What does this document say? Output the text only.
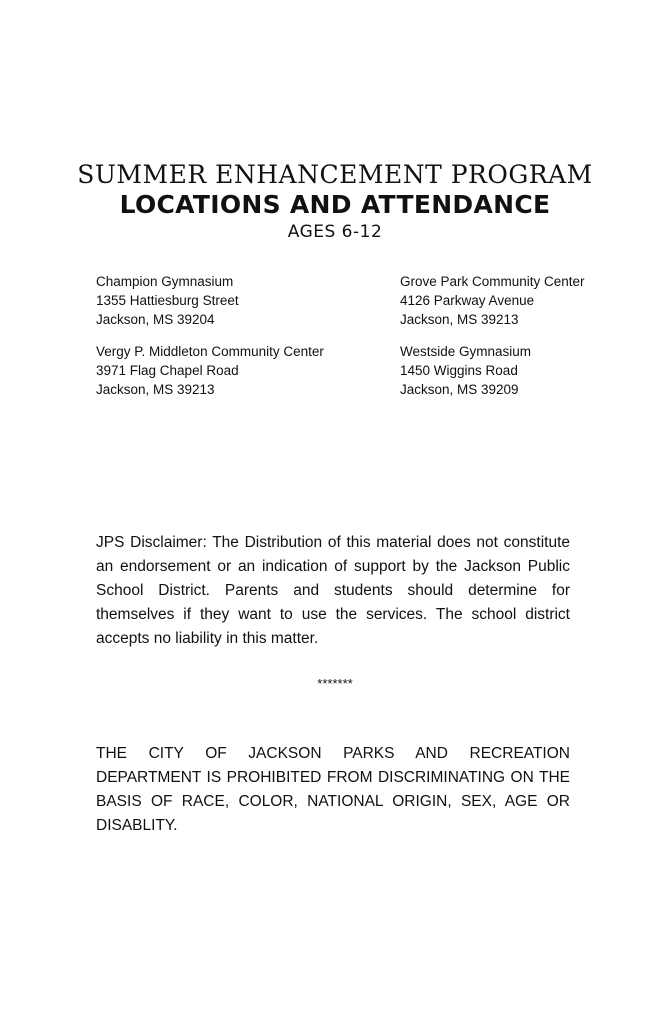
SUMMER ENHANCEMENT PROGRAM
LOCATIONS AND ATTENDANCE
AGES 6-12
Champion Gymnasium
1355 Hattiesburg Street
Jackson, MS 39204
Grove Park Community Center
4126 Parkway Avenue
Jackson, MS 39213
Vergy P. Middleton Community Center
3971 Flag Chapel Road
Jackson, MS 39213
Westside Gymnasium
1450 Wiggins Road
Jackson, MS 39209

JPS Disclaimer: The Distribution of this material does not constitute an endorsement or an indication of support by the Jackson Public School District. Parents and students should determine for themselves if they want to use the services. The school district accepts no liability in this matter.

*******

THE CITY OF JACKSON PARKS AND RECREATION DEPARTMENT IS PROHIBITED FROM DISCRIMINATING ON THE BASIS OF RACE, COLOR, NATIONAL ORIGIN, SEX, AGE OR DISABLITY.
